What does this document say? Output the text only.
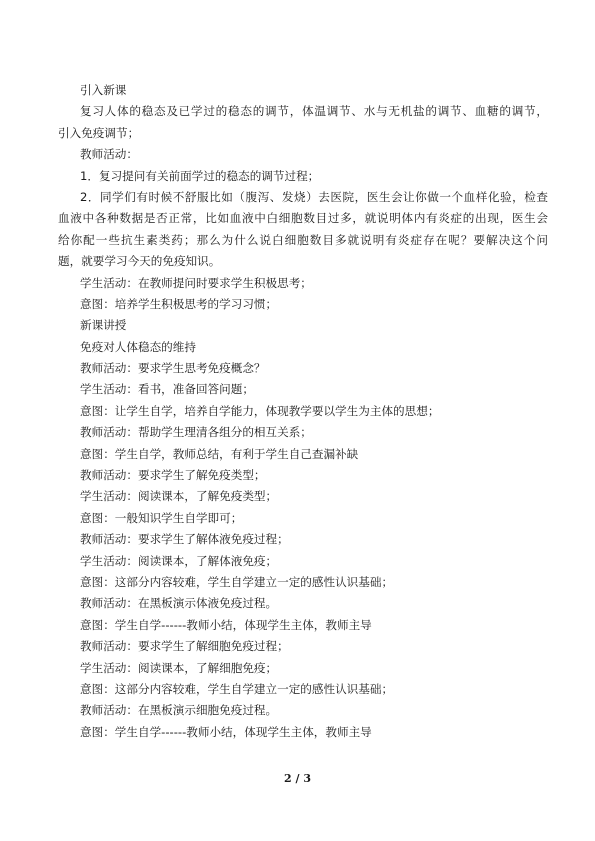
引入新课
复习人体的稳态及已学过的稳态的调节，体温调节、水与无机盐的调节、血糖的调节，
引入免疫调节；
教师活动：
1．复习提问有关前面学过的稳态的调节过程；
2．同学们有时候不舒服比如（腹泻、发烧）去医院，医生会让你做一个血样化验，检查
血液中各种数据是否正常，比如血液中白细胞数目过多，就说明体内有炎症的出现，医生会
给你配一些抗生素类药；那么为什么说白细胞数目多就说明有炎症存在呢？要解决这个问
题，就要学习今天的免疫知识。
学生活动：在教师提问时要求学生积极思考；
意图：培养学生积极思考的学习习惯；
新课讲授
免疫对人体稳态的维持
教师活动：要求学生思考免疫概念？
学生活动：看书，准备回答问题；
意图：让学生自学，培养自学能力，体现教学要以学生为主体的思想；
教师活动：帮助学生理清各组分的相互关系；
意图：学生自学，教师总结，有利于学生自己查漏补缺
教师活动：要求学生了解免疫类型；
学生活动：阅读课本，了解免疫类型；
意图：一般知识学生自学即可；
教师活动：要求学生了解体液免疫过程；
学生活动：阅读课本，了解体液免疫；
意图：这部分内容较难，学生自学建立一定的感性认识基础；
教师活动：在黑板演示体液免疫过程。
意图：学生自学------教师小结，体现学生主体，教师主导
教师活动：要求学生了解细胞免疫过程；
学生活动：阅读课本，了解细胞免疫；
意图：这部分内容较难，学生自学建立一定的感性认识基础；
教师活动：在黑板演示细胞免疫过程。
意图：学生自学------教师小结，体现学生主体，教师主导
2 / 3
